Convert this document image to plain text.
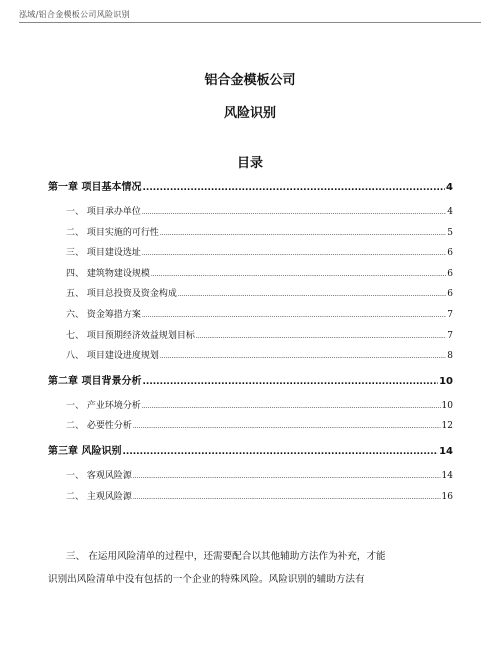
泓域/铝合金模板公司风险识别
铝合金模板公司
风险识别
目录
第一章 项目基本情况 .....	4
一、 项目承办单位 .....	4
二、 项目实施的可行性 .....	5
三、 项目建设选址 .....	6
四、 建筑物建设规模 .....	6
五、 项目总投资及资金构成 .....	6
六、 资金筹措方案 .....	7
七、 项目预期经济效益规划目标 .....	7
八、 项目建设进度规划 .....	8
第二章 项目背景分析 .....	10
一、 产业环境分析 .....	10
二、 必要性分析 .....	12
第三章 风险识别 .....	14
一、 客观风险源 .....	14
二、 主观风险源 .....	16
三、 在运用风险清单的过程中，还需要配合以其他辅助方法作为补充，才能
识别出风险清单中没有包括的一个企业的特殊风险。风险识别的辅助方法有
